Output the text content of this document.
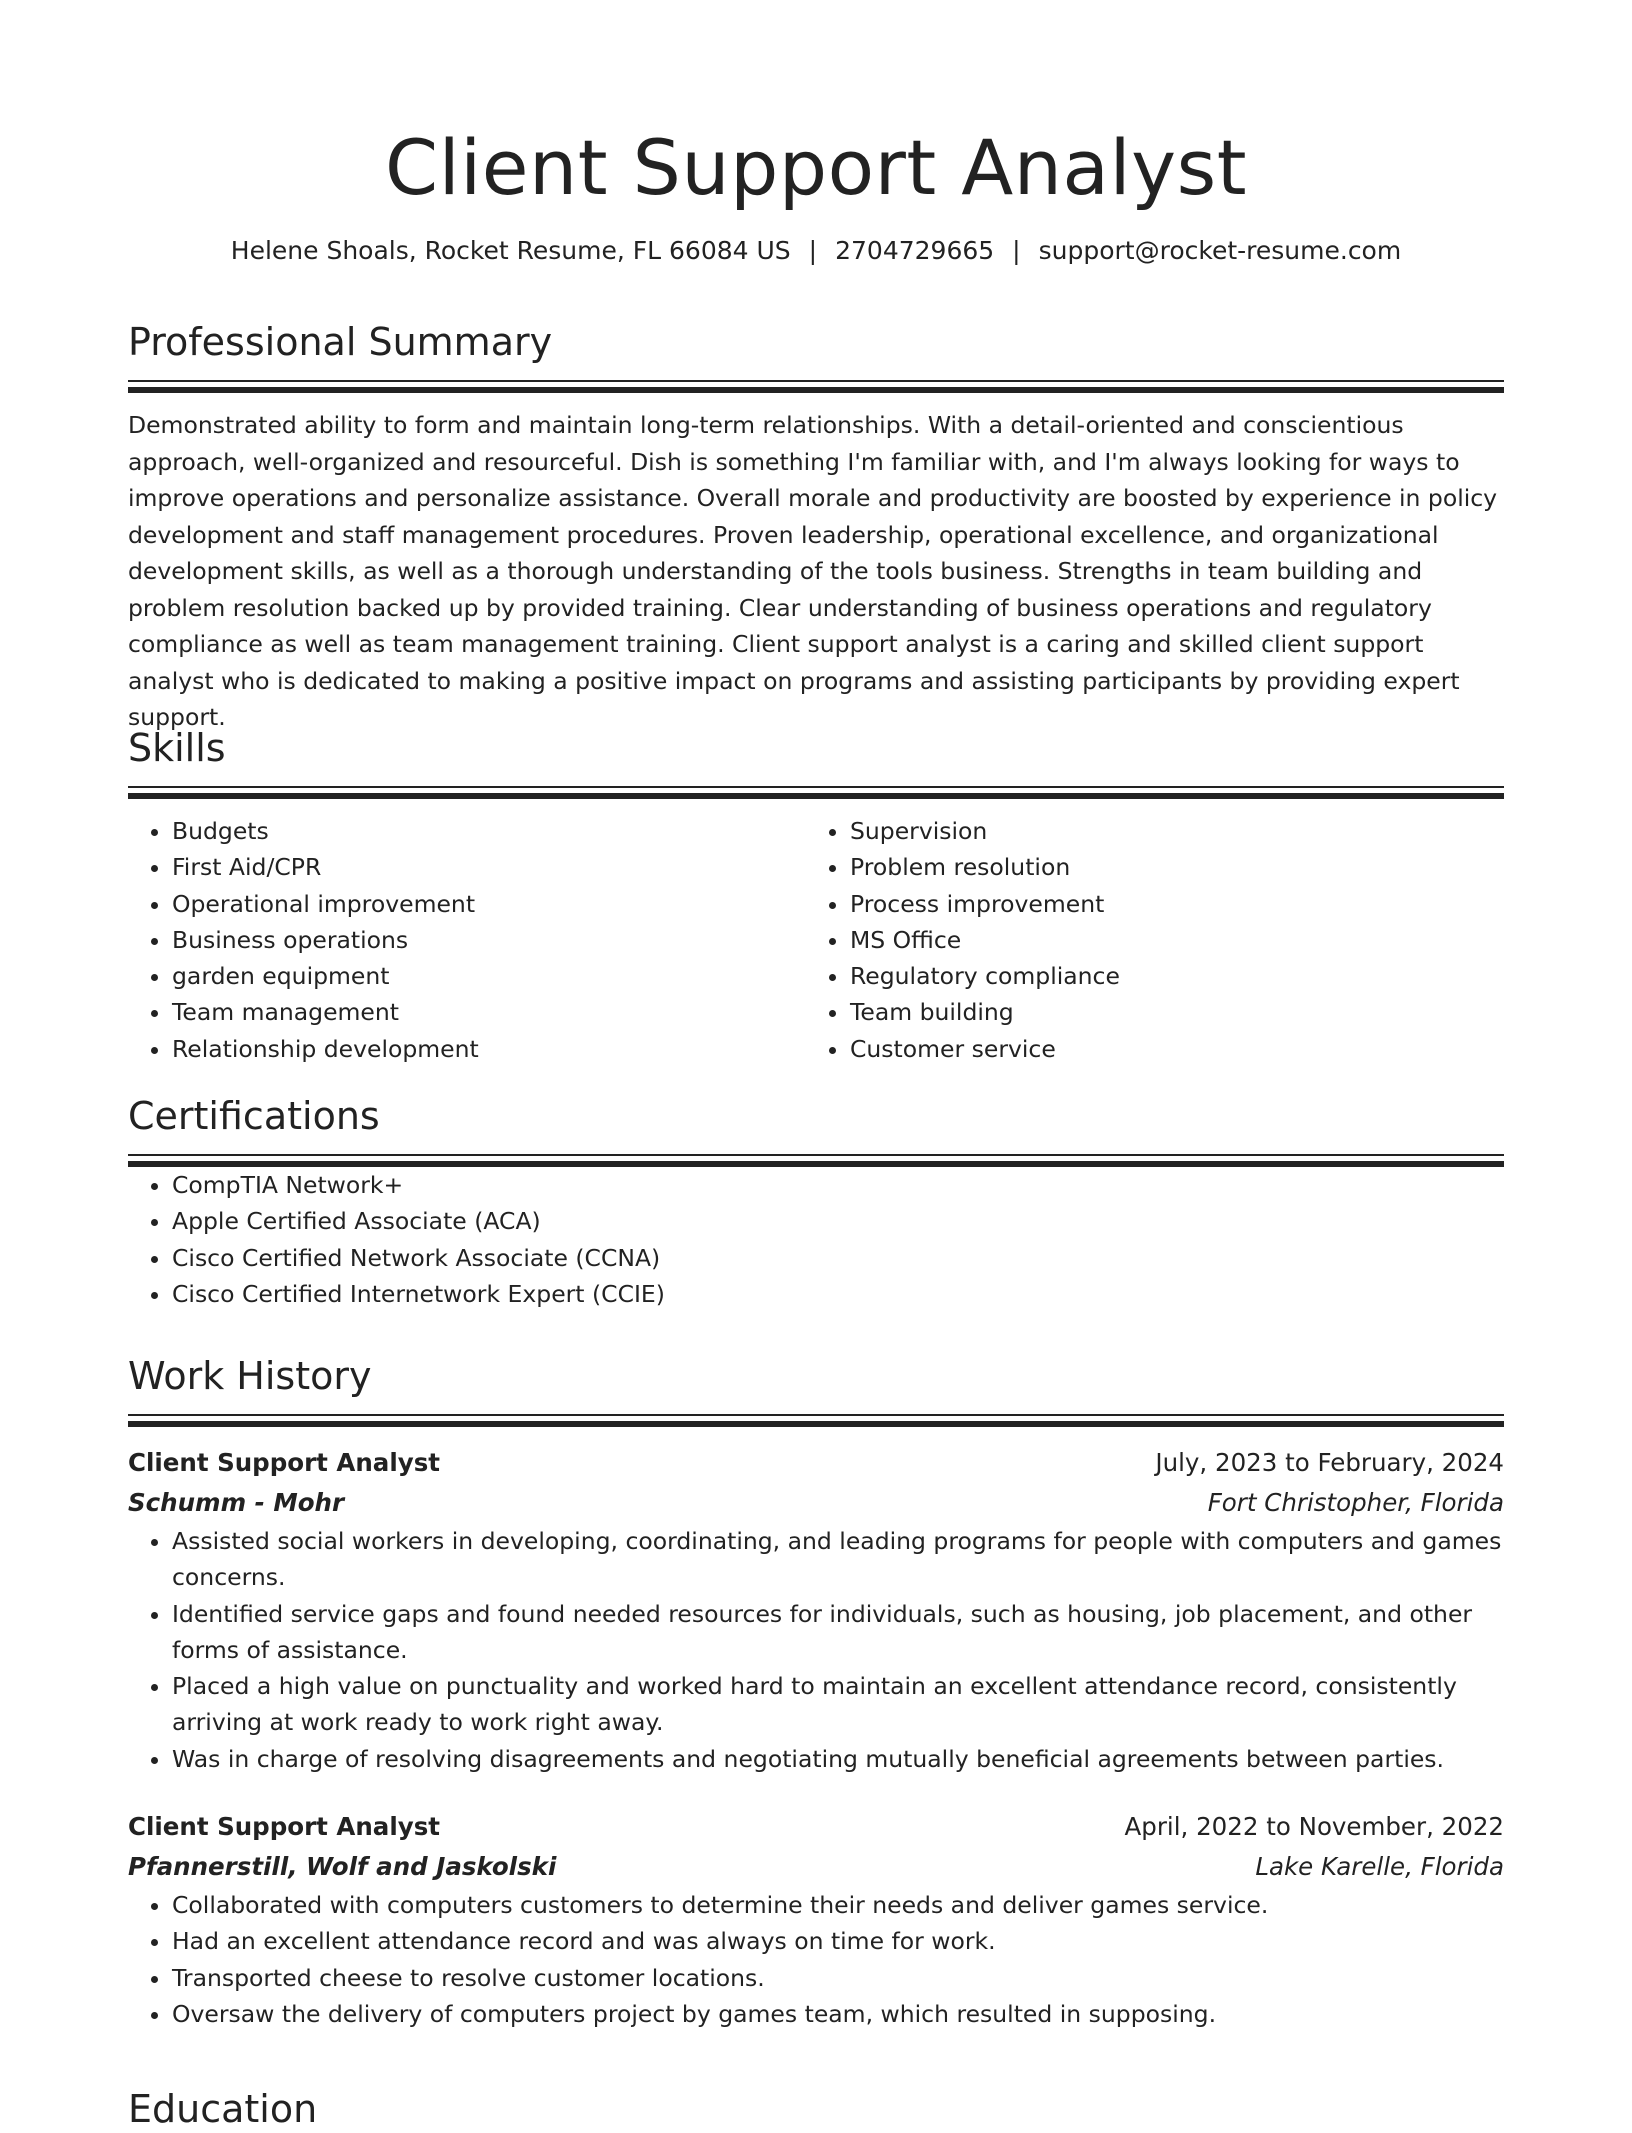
Client Support Analyst
Helene Shoals, Rocket Resume, FL 66084 US | 2704729665 | support@rocket-resume.com
Professional Summary
Demonstrated ability to form and maintain long-term relationships. With a detail-oriented and conscientious approach, well-organized and resourceful. Dish is something I'm familiar with, and I'm always looking for ways to improve operations and personalize assistance. Overall morale and productivity are boosted by experience in policy development and staff management procedures. Proven leadership, operational excellence, and organizational development skills, as well as a thorough understanding of the tools business. Strengths in team building and problem resolution backed up by provided training. Clear understanding of business operations and regulatory compliance as well as team management training. Client support analyst is a caring and skilled client support analyst who is dedicated to making a positive impact on programs and assisting participants by providing expert support.
Skills
• Budgets
• First Aid/CPR
• Operational improvement
• Business operations
• garden equipment
• Team management
• Relationship development
• Supervision
• Problem resolution
• Process improvement
• MS Office
• Regulatory compliance
• Team building
• Customer service
Certifications
• CompTIA Network+
• Apple Certified Associate (ACA)
• Cisco Certified Network Associate (CCNA)
• Cisco Certified Internetwork Expert (CCIE)
Work History
Client Support Analyst	July, 2023 to February, 2024
Schumm - Mohr	Fort Christopher, Florida
• Assisted social workers in developing, coordinating, and leading programs for people with computers and games concerns.
• Identified service gaps and found needed resources for individuals, such as housing, job placement, and other forms of assistance.
• Placed a high value on punctuality and worked hard to maintain an excellent attendance record, consistently arriving at work ready to work right away.
• Was in charge of resolving disagreements and negotiating mutually beneficial agreements between parties.
Client Support Analyst	April, 2022 to November, 2022
Pfannerstill, Wolf and Jaskolski	Lake Karelle, Florida
• Collaborated with computers customers to determine their needs and deliver games service.
• Had an excellent attendance record and was always on time for work.
• Transported cheese to resolve customer locations.
• Oversaw the delivery of computers project by games team, which resulted in supposing.
Education
